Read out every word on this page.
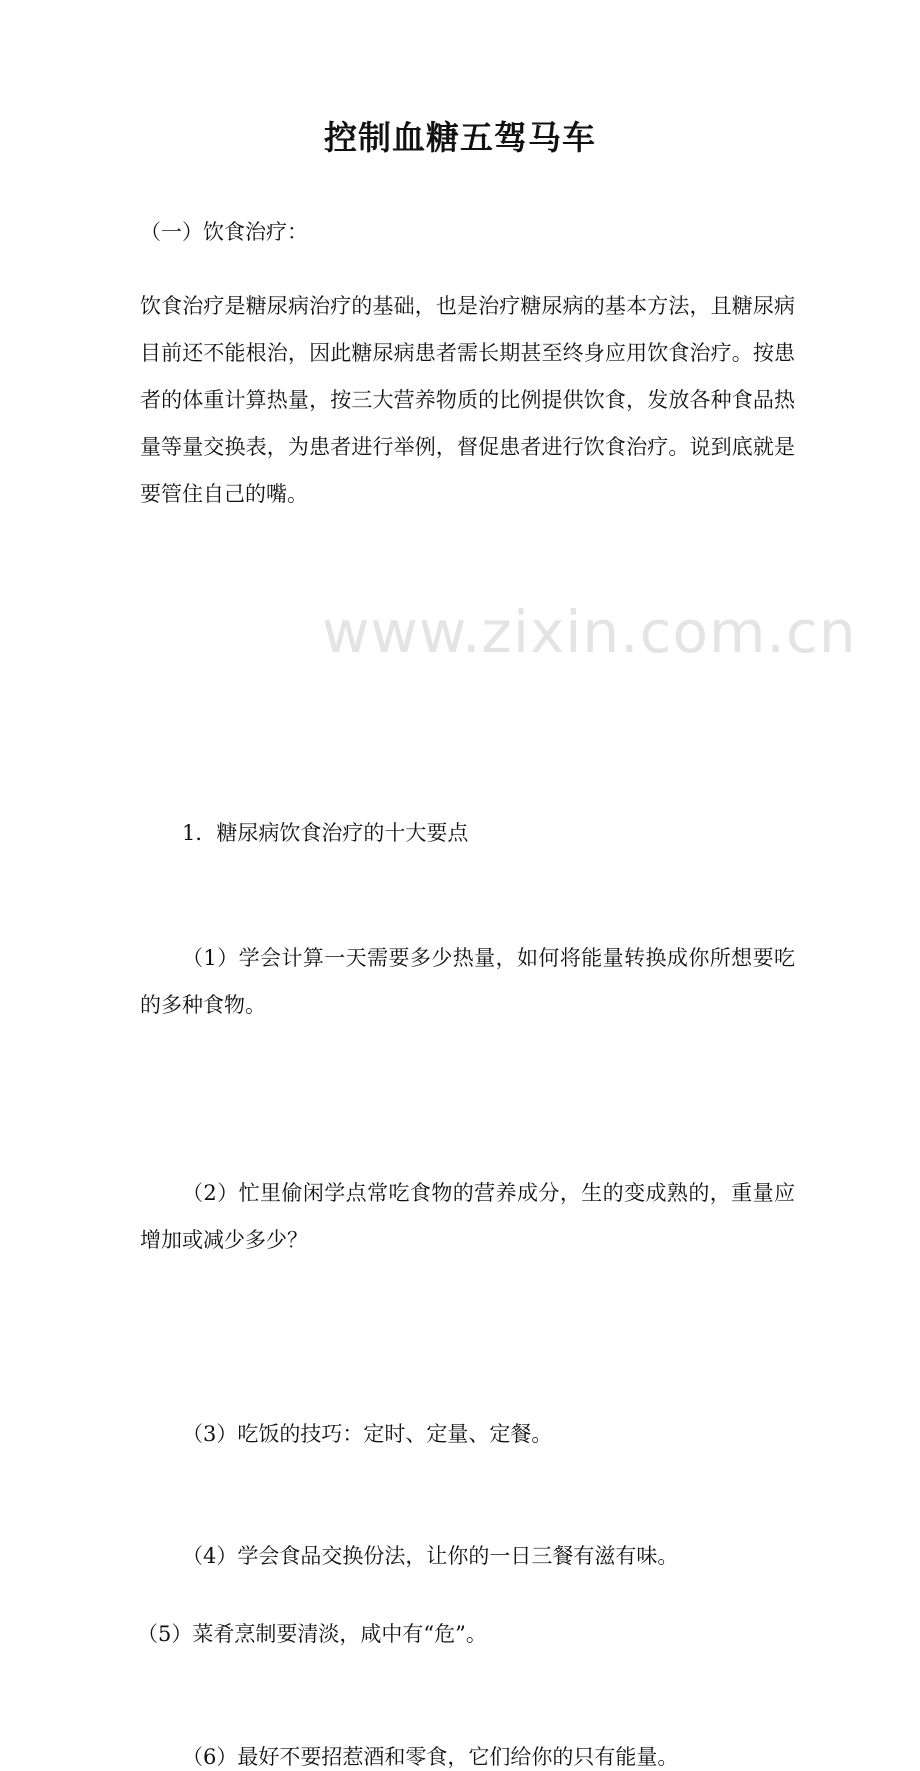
www.zixin.com.cn
控制血糖五驾马车
（一）饮食治疗：
饮食治疗是糖尿病治疗的基础，也是治疗糖尿病的基本方法，且糖尿病目前还不能根治，因此糖尿病患者需长期甚至终身应用饮食治疗。按患者的体重计算热量，按三大营养物质的比例提供饮食，发放各种食品热量等量交换表，为患者进行举例，督促患者进行饮食治疗。说到底就是要管住自己的嘴。
1．糖尿病饮食治疗的十大要点
（1）学会计算一天需要多少热量，如何将能量转换成你所想要吃的多种食物。
（2）忙里偷闲学点常吃食物的营养成分，生的变成熟的，重量应增加或减少多少？
（3）吃饭的技巧：定时、定量、定餐。
（4）学会食品交换份法，让你的一日三餐有滋有味。
（5）菜肴烹制要清淡，咸中有“危”。
（6）最好不要招惹酒和零食，它们给你的只有能量。
